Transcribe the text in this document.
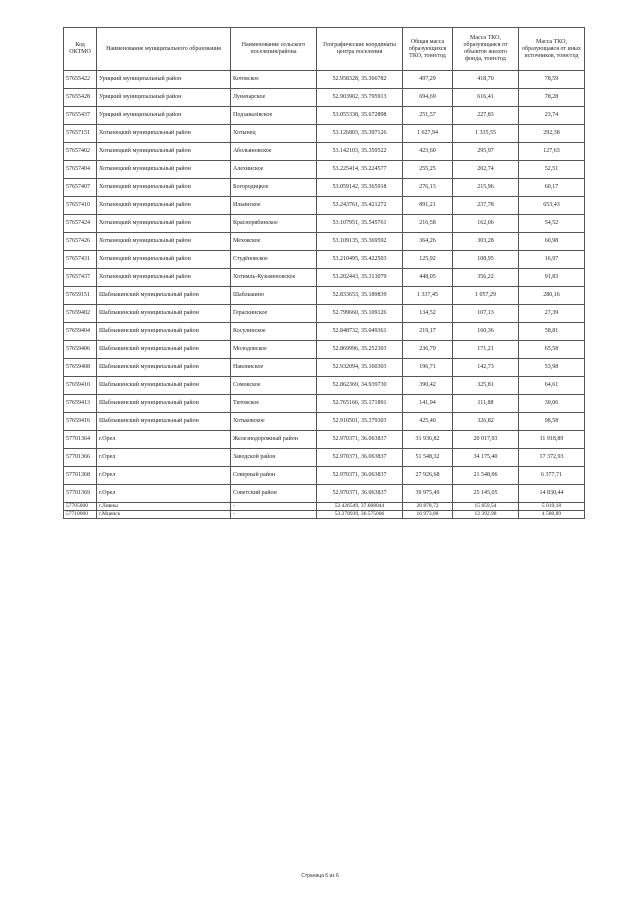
Код ОКТМО	Наименование муниципального образования	Наименование сельского поселения/района	Географические координаты центра поселения	Общая масса образующихся ТКО, тонн/год	Масса ТКО, образующаяся от объектов жилого фонда, тонн/год	Масса ТКО, образующаяся от иных источников, тонн/год
57655422	Урицкий муниципальный район	Котовское	52.958328, 35.366782	497,29	418,70	78,59
57655428	Урицкий муниципальный район	Луначарское	52.903902, 35.795913	694,69	616,41	78,28
57655437	Урицкий муниципальный район	Подзавалівское	53.055338, 35.672898	251,57	227,83	23,74
57657151	Хотынецкий муниципальный район	Хотынец	53.126803, 35.397126	1 627,94	1 335,55	292,38
57657402	Хотынецкий муниципальный район	Абольяновское	53.142103, 35.359522	423,60	295,97	127,63
57657404	Хотынецкий муниципальный район	Алехинское	53.225414, 35.224577	255,25	202,74	52,51
57657407	Хотынецкий муниципальный район	Богородицкое	53.059142, 35.365918	276,13	215,96	60,17
57657410	Хотынецкий муниципальный район	Ильинское	53.243761, 35.421272	891,21	237,78	653,43
57657424	Хотынецкий муниципальный район	Краснорябинское	53.107951, 35.545761	216,58	162,06	54,52
57657426	Хотынецкий муниципальный район	Меховское	53.109135, 35.369592	364,26	303,28	60,98
57657431	Хотынецкий муниципальный район	Студёновское	53.210495, 35.422503	125,92	108,95	16,97
57657437	Хотынецкий муниципальный район	Хотимль-Кузьменовское	53.202443, 35.313079	448,05	356,22	91,83
57659151	Шаблыкинский муниципальный район	Шаблыкино	52.833653, 35.189839	1 337,45	1 057,29	280,16
57659402	Шаблыкинский муниципальный район	Гераскинское	52.799660, 35.109126	134,52	107,13	27,39
57659404	Шаблыкинский муниципальный район	Косулинское	52.848732, 35.049361	219,17	160,36	58,81
57659406	Шаблыкинский муниципальный район	Молодовское	52.869996, 35.252303	236,79	171,21	65,58
57659408	Шаблыкинский муниципальный район	Навлинское	52.932094, 35.160303	196,71	142,73	53,98
57659410	Шаблыкинский муниципальный район	Сомовское	52.862369, 34.939730	390,42	325,81	64,61
57659413	Шаблыкинский муниципальный район	Титовское	52.765166, 35.171891	141,94	111,88	30,06
57659416	Шаблыкинский муниципальный район	Хотьковское	52.910501, 35.379303	425,40	326,82	98,58
57701364	г.Орел	Железнодорожный район	52.970371, 36.063837	31 936,82	20 017,93	11 918,89
57701366	г.Орел	Заводской район	52.970371, 36.063837	51 548,32	34 175,40	17 372,93
57701368	г.Орел	Северный район	52.970371, 36.063837	27 926,68	21 548,96	6 377,71
57701369	г.Орел	Советский район	52.970371, 36.063837	39 975,49	25 145,05	14 830,44
57705000	г.Ливны	-	52.426549, 37.608044	20 878,72	15 859,54	5 019,18
57710000	г.Мценск	-	53.278939, 36.575006	16 973,88	12 392,98	4 580,89
Страница 6 из 6
